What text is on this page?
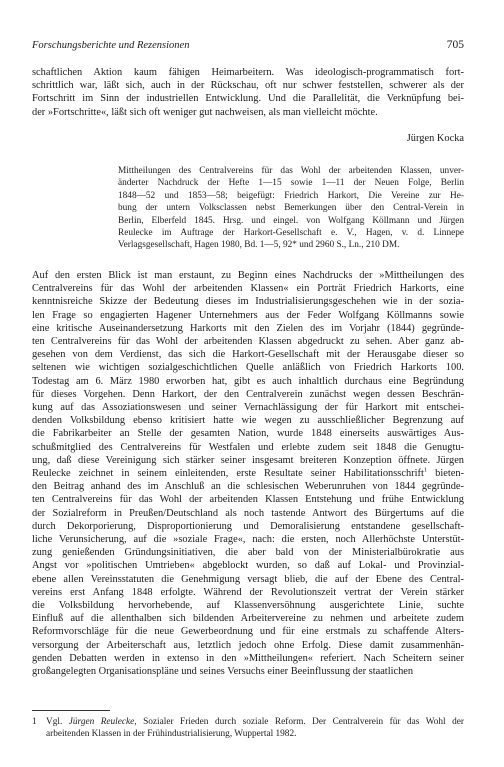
Forschungsberichte und Rezensionen	705
schaftlichen Aktion kaum fähigen Heimarbeitern. Was ideologisch-programmatisch fort-
schrittlich war, läßt sich, auch in der Rückschau, oft nur schwer feststellen, schwerer als der
Fortschritt im Sinn der industriellen Entwicklung. Und die Parallelität, die Verknüpfung bei-
der »Fortschritte«, läßt sich oft weniger gut nachweisen, als man vielleicht möchte.
Jürgen Kocka
Mittheilungen des Centralvereins für das Wohl der arbeitenden Klassen, unver-
änderter Nachdruck der Hefte 1—15 sowie 1—11 der Neuen Folge, Berlin
1848—52 und 1853—58; beigefügt: Friedrich Harkort, Die Vereine zur He-
bung der untern Volksclassen nebst Bemerkungen über den Central-Verein in
Berlin, Elberfeld 1845. Hrsg. und eingel. von Wolfgang Köllmann und Jürgen
Reulecke im Auftrage der Harkort-Gesellschaft e. V., Hagen, v. d. Linnepe
Verlagsgesellschaft, Hagen 1980, Bd. 1—5, 92* und 2960 S., Ln., 210 DM.
Auf den ersten Blick ist man erstaunt, zu Beginn eines Nachdrucks der »Mittheilungen des
Centralvereins für das Wohl der arbeitenden Klassen« ein Porträt Friedrich Harkorts, eine
kenntnisreiche Skizze der Bedeutung dieses im Industrialisierungsgeschehen wie in der sozia-
len Frage so engagierten Hagener Unternehmers aus der Feder Wolfgang Köllmanns sowie
eine kritische Auseinandersetzung Harkorts mit den Zielen des im Vorjahr (1844) gegründe-
ten Centralvereins für das Wohl der arbeitenden Klassen abgedruckt zu sehen. Aber ganz ab-
gesehen von dem Verdienst, das sich die Harkort-Gesellschaft mit der Herausgabe dieser so
seltenen wie wichtigen sozialgeschichtlichen Quelle anläßlich von Friedrich Harkorts 100.
Todestag am 6. März 1980 erworben hat, gibt es auch inhaltlich durchaus eine Begründung
für dieses Vorgehen. Denn Harkort, der den Centralverein zunächst wegen dessen Beschrän-
kung auf das Assoziationswesen und seiner Vernachlässigung der für Harkort mit entschei-
denden Volksbildung ebenso kritisiert hatte wie wegen zu ausschließlicher Begrenzung auf
die Fabrikarbeiter an Stelle der gesamten Nation, wurde 1848 einerseits auswärtiges Aus-
schußmitglied des Centralvereins für Westfalen und erlebte zudem seit 1848 die Genugtu-
ung, daß diese Vereinigung sich stärker seiner insgesamt breiteren Konzeption öffnete. Jürgen
Reulecke zeichnet in seinem einleitenden, erste Resultate seiner Habilitationsschrift$^1$ bieten-
den Beitrag anhand des im Anschluß an die schlesischen Weberunruhen von 1844 gegründe-
ten Centralvereins für das Wohl der arbeitenden Klassen Entstehung und frühe Entwicklung
der Sozialreform in Preußen/Deutschland als noch tastende Antwort des Bürgertums auf die
durch Dekorporierung, Disproportionierung und Demoralisierung entstandene gesellschaft-
liche Verunsicherung, auf die »soziale Frage«, nach: die ersten, noch Allerhöchste Unterstüt-
zung genießenden Gründungsinitiativen, die aber bald von der Ministerialbürokratie aus
Angst vor »politischen Umtrieben« abgeblockt wurden, so daß auf Lokal- und Provinzial-
ebene allen Vereinsstatuten die Genehmigung versagt blieb, die auf der Ebene des Central-
vereins erst Anfang 1848 erfolgte. Während der Revolutionszeit vertrat der Verein stärker
die Volksbildung hervorhebende, auf Klassenversöhnung ausgerichtete Linie, suchte
Einfluß auf die allenthalben sich bildenden Arbeitervereine zu nehmen und arbeitete zudem
Reformvorschläge für die neue Gewerbeordnung und für eine erstmals zu schaffende Alters-
versorgung der Arbeiterschaft aus, letztlich jedoch ohne Erfolg. Diese damit zusammenhän-
genden Debatten werden in extenso in den »Mittheilungen« referiert. Nach Scheitern seiner
großangelegten Organisationspläne und seines Versuchs einer Beeinflussung der staatlichen
1 Vgl. Jürgen Reulecke, Sozialer Frieden durch soziale Reform. Der Centralverein für das Wohl der
arbeitenden Klassen in der Frühindustrialisierung, Wuppertal 1982.
